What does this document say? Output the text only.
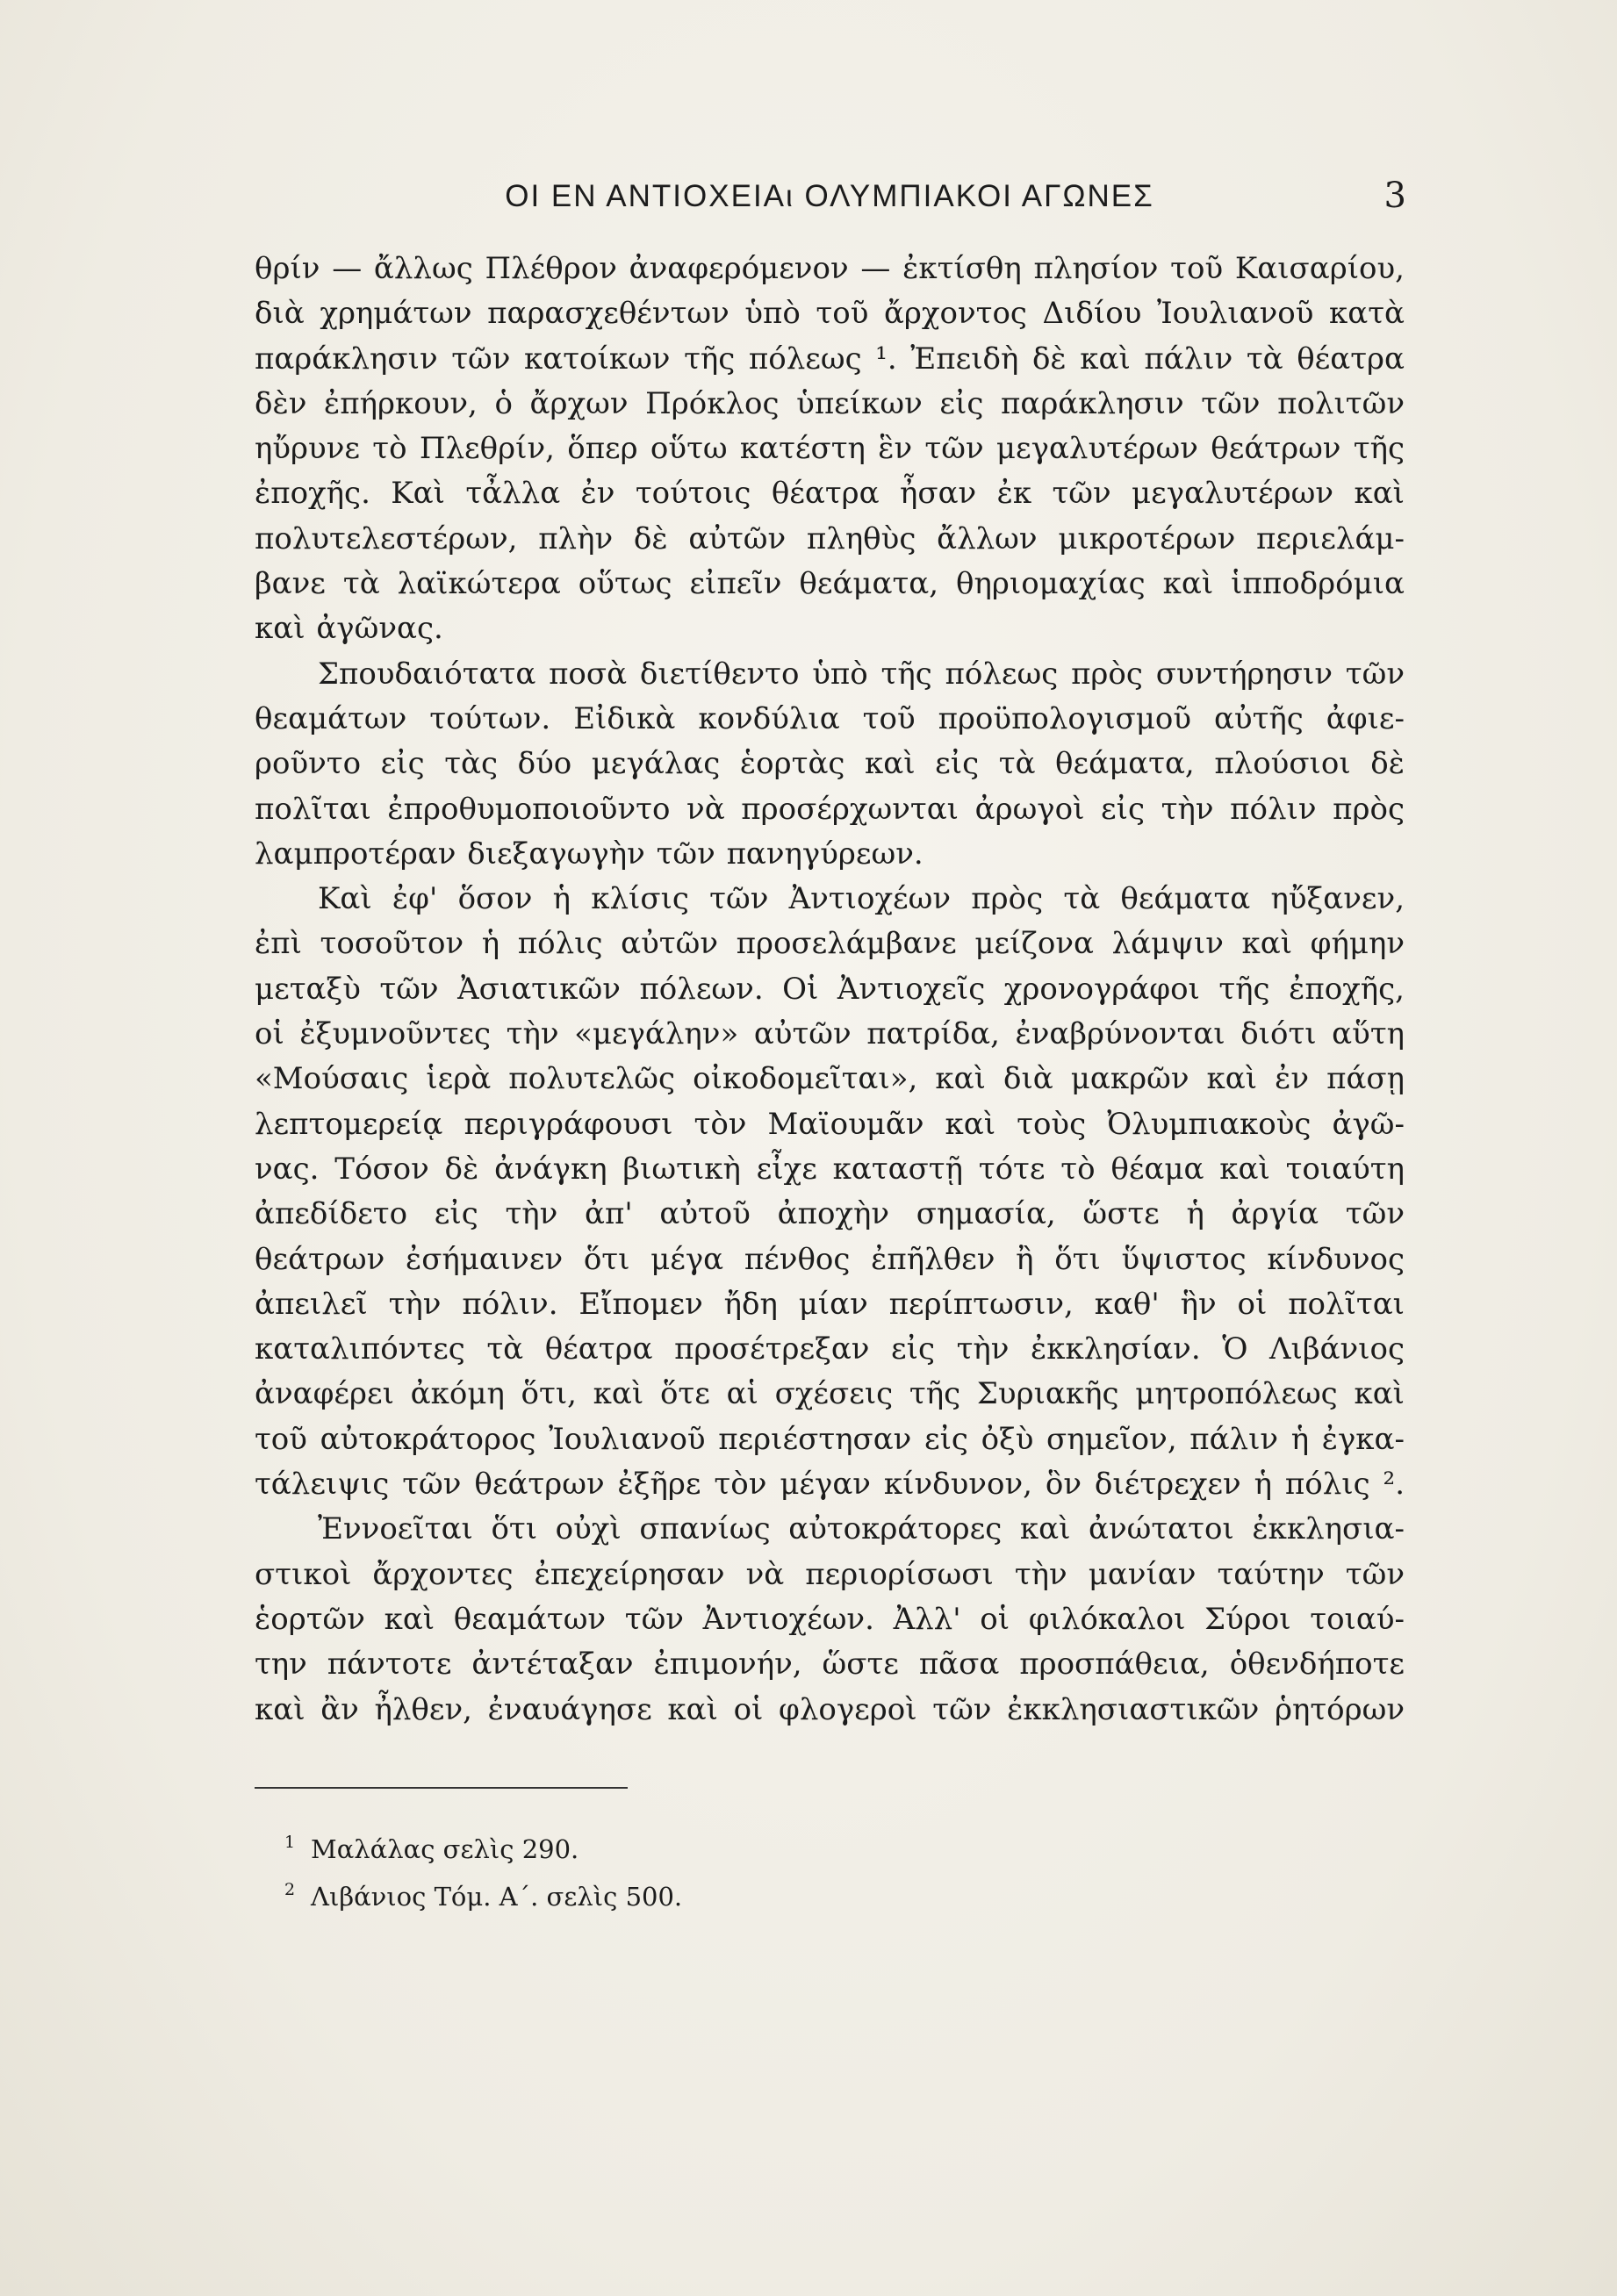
ΟΙ ΕΝ ΑΝΤΙΟΧΕΙΑι ΟΛΥΜΠΙΑΚΟΙ ΑΓΩΝΕΣ	3
θρίν — ἄλλως Πλέθρον ἀναφερόμενον — ἐκτίσθη πλησίον τοῦ Καισαρίου,
διὰ χρημάτων παρασχεθέντων ὑπὸ τοῦ ἄρχοντος Διδίου Ἰουλιανοῦ κατὰ
παράκλησιν τῶν κατοίκων τῆς πόλεως ¹. Ἐπειδὴ δὲ καὶ πάλιν τὰ θέατρα
δὲν ἐπήρκουν, ὁ ἄρχων Πρόκλος ὑπείκων εἰς παράκλησιν τῶν πολιτῶν
ηὔρυνε τὸ Πλεθρίν, ὅπερ οὕτω κατέστη ἓν τῶν μεγαλυτέρων θεάτρων τῆς
ἐποχῆς. Καὶ τἆλλα ἐν τούτοις θέατρα ἦσαν ἐκ τῶν μεγαλυτέρων καὶ
πολυτελεστέρων, πλὴν δὲ αὐτῶν πληθὺς ἄλλων μικροτέρων περιελάμ-
βανε τὰ λαϊκώτερα οὕτως εἰπεῖν θεάματα, θηριομαχίας καὶ ἱπποδρόμια
καὶ ἀγῶνας.
Σπουδαιότατα ποσὰ διετίθεντο ὑπὸ τῆς πόλεως πρὸς συντήρησιν τῶν
θεαμάτων τούτων. Εἰδικὰ κονδύλια τοῦ προϋπολογισμοῦ αὐτῆς ἀφιε-
ροῦντο εἰς τὰς δύο μεγάλας ἑορτὰς καὶ εἰς τὰ θεάματα, πλούσιοι δὲ
πολῖται ἐπροθυμοποιοῦντο νὰ προσέρχωνται ἀρωγοὶ εἰς τὴν πόλιν πρὸς
λαμπροτέραν διεξαγωγὴν τῶν πανηγύρεων.
Καὶ ἐφ' ὅσον ἡ κλίσις τῶν Ἀντιοχέων πρὸς τὰ θεάματα ηὔξανεν,
ἐπὶ τοσοῦτον ἡ πόλις αὐτῶν προσελάμβανε μείζονα λάμψιν καὶ φήμην
μεταξὺ τῶν Ἀσιατικῶν πόλεων. Οἱ Ἀντιοχεῖς χρονογράφοι τῆς ἐποχῆς,
οἱ ἐξυμνοῦντες τὴν «μεγάλην» αὐτῶν πατρίδα, ἐναβρύνονται διότι αὕτη
«Μούσαις ἱερὰ πολυτελῶς οἰκοδομεῖται», καὶ διὰ μακρῶν καὶ ἐν πάσῃ
λεπτομερείᾳ περιγράφουσι τὸν Μαϊουμᾶν καὶ τοὺς Ὀλυμπιακοὺς ἀγῶ-
νας. Τόσον δὲ ἀνάγκη βιωτικὴ εἶχε καταστῇ τότε τὸ θέαμα καὶ τοιαύτη
ἀπεδίδετο εἰς τὴν ἀπ' αὐτοῦ ἀποχὴν σημασία, ὥστε ἡ ἀργία τῶν
θεάτρων ἐσήμαινεν ὅτι μέγα πένθος ἐπῆλθεν ἢ ὅτι ὕψιστος κίνδυνος
ἀπειλεῖ τὴν πόλιν. Εἴπομεν ἤδη μίαν περίπτωσιν, καθ' ἣν οἱ πολῖται
καταλιπόντες τὰ θέατρα προσέτρεξαν εἰς τὴν ἐκκλησίαν. Ὁ Λιβάνιος
ἀναφέρει ἀκόμη ὅτι, καὶ ὅτε αἱ σχέσεις τῆς Συριακῆς μητροπόλεως καὶ
τοῦ αὐτοκράτορος Ἰουλιανοῦ περιέστησαν εἰς ὀξὺ σημεῖον, πάλιν ἡ ἐγκα-
τάλειψις τῶν θεάτρων ἐξῆρε τὸν μέγαν κίνδυνον, ὃν διέτρεχεν ἡ πόλις ².
Ἐννοεῖται ὅτι οὐχὶ σπανίως αὐτοκράτορες καὶ ἀνώτατοι ἐκκλησια-
στικοὶ ἄρχοντες ἐπεχείρησαν νὰ περιορίσωσι τὴν μανίαν ταύτην τῶν
ἑορτῶν καὶ θεαμάτων τῶν Ἀντιοχέων. Ἀλλ' οἱ φιλόκαλοι Σύροι τοιαύ-
την πάντοτε ἀντέταξαν ἐπιμονήν, ὥστε πᾶσα προσπάθεια, ὁθενδήποτε
καὶ ἂν ἦλθεν, ἐναυάγησε καὶ οἱ φλογεροὶ τῶν ἐκκλησιαστικῶν ῥητόρων
1 Μαλάλας σελὶς 290.
2 Λιβάνιος Τόμ. Α΄. σελὶς 500.
